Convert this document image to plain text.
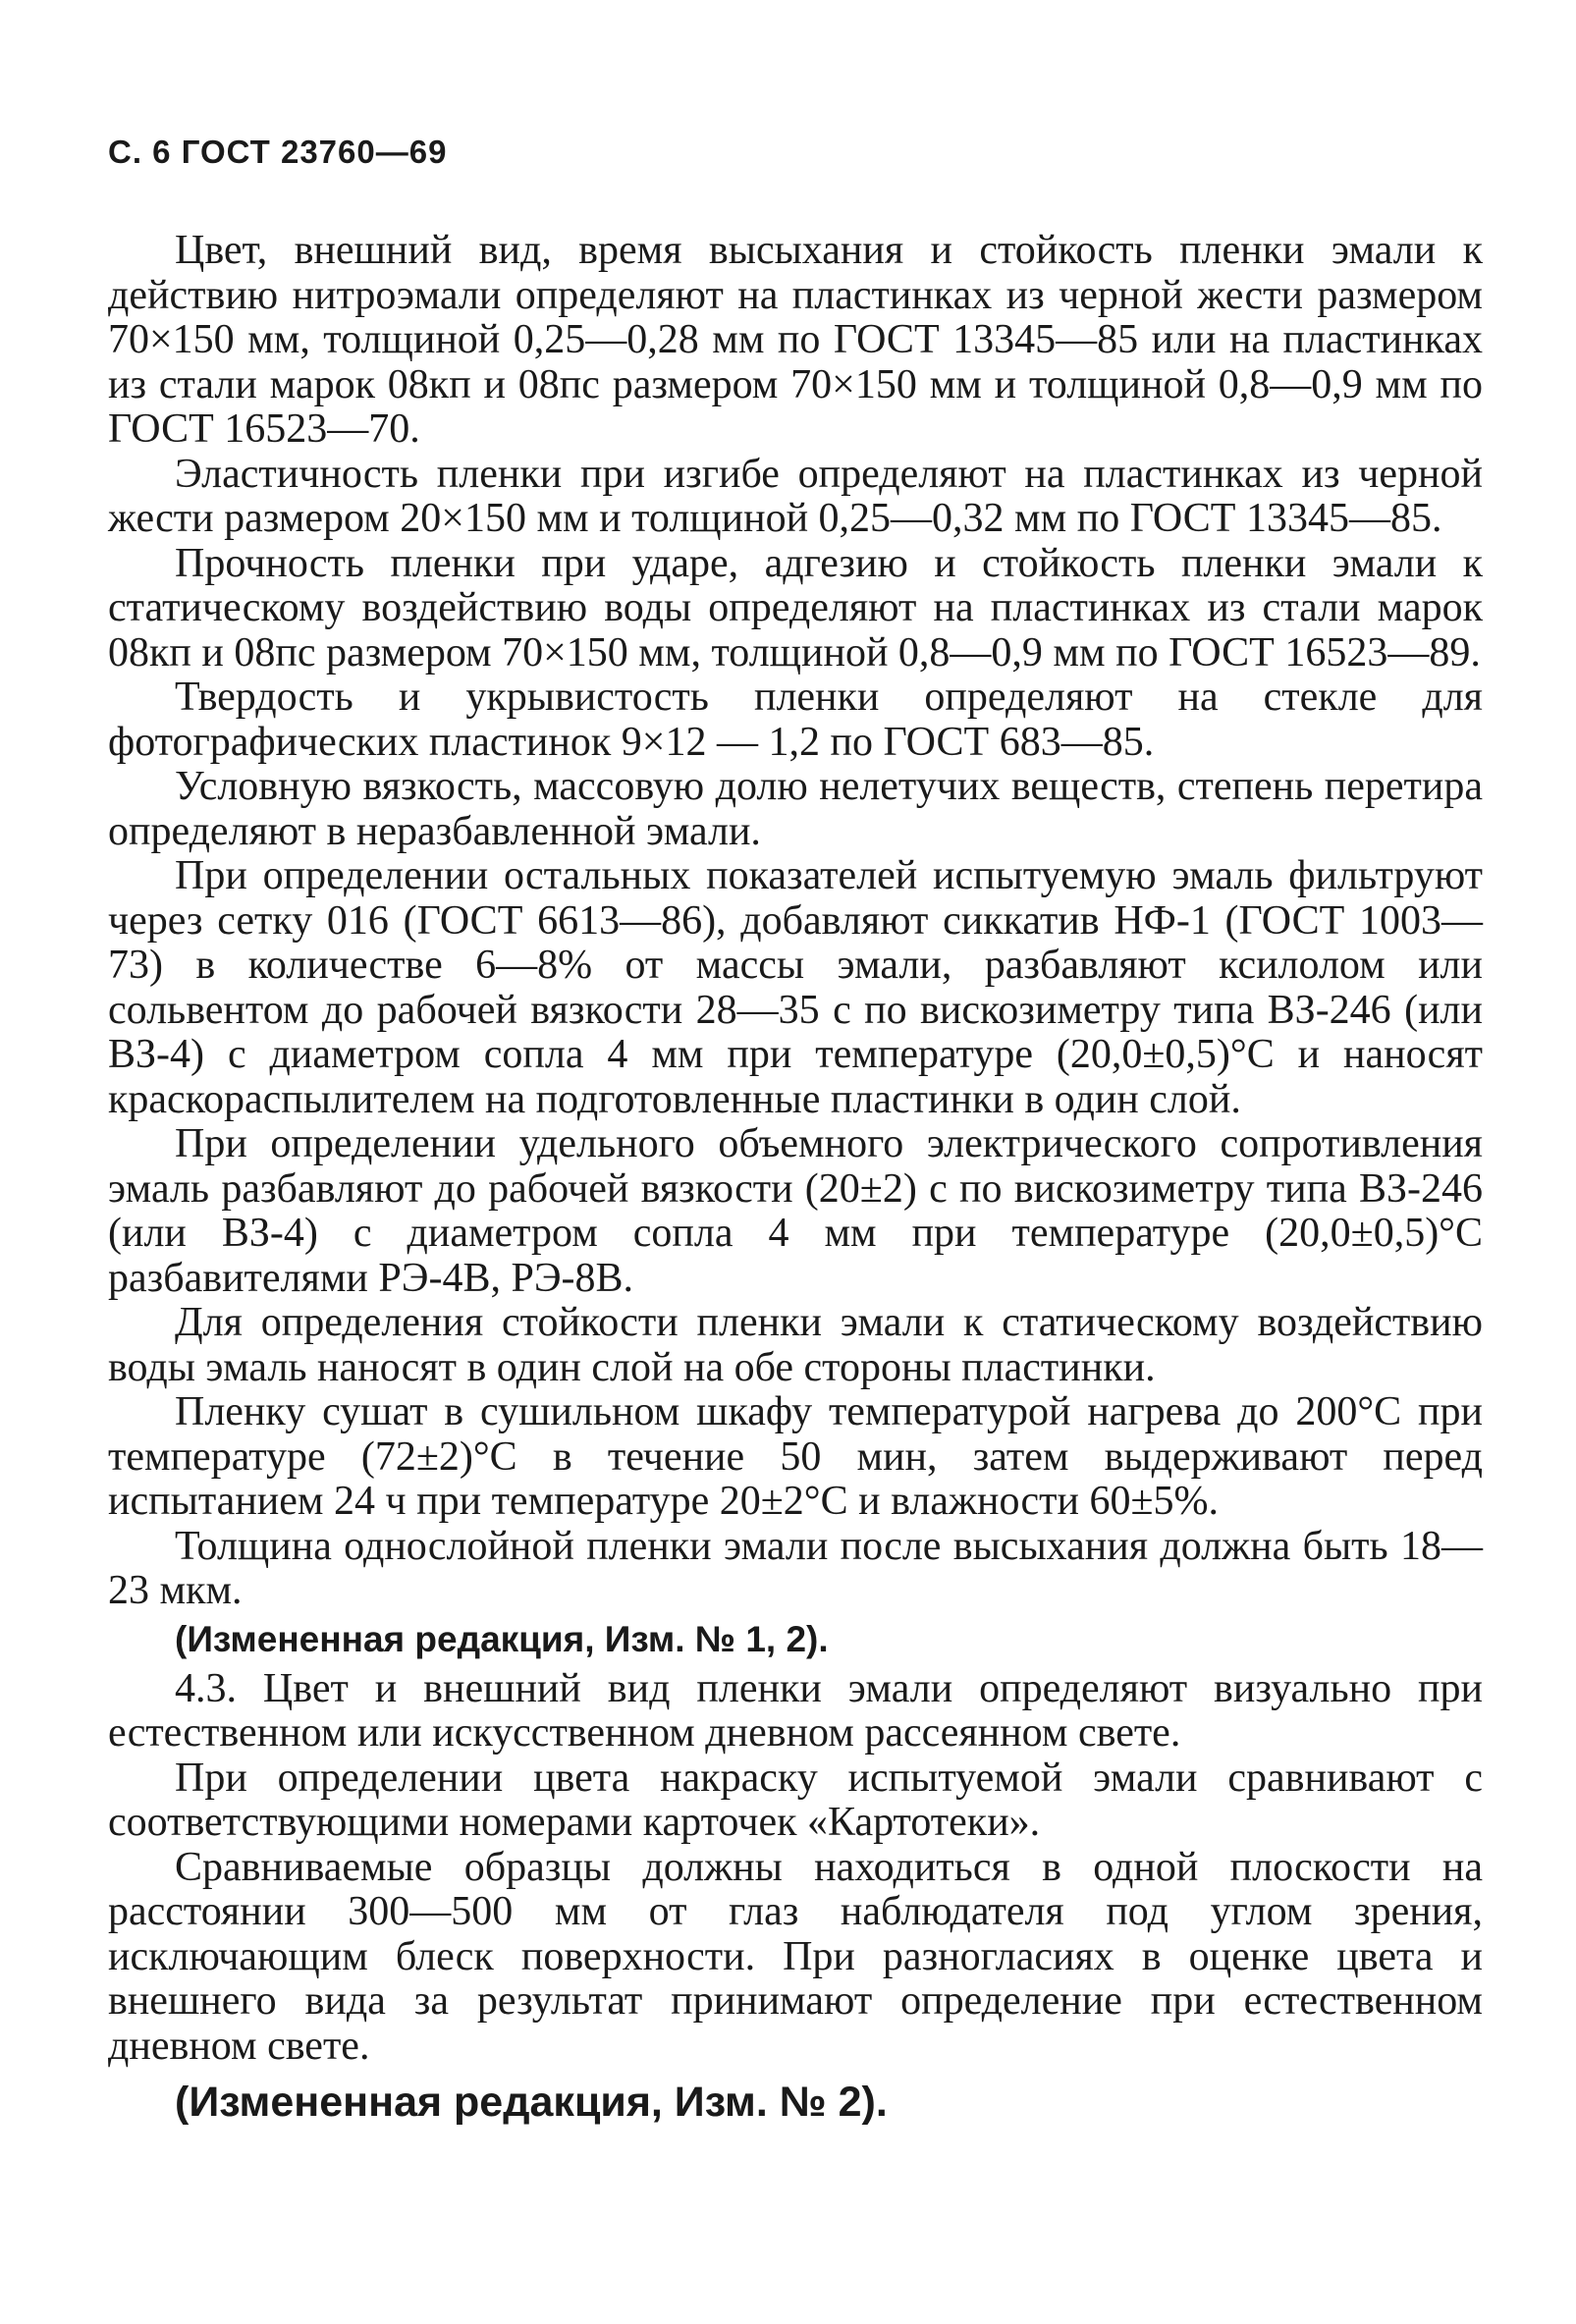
С. 6 ГОСТ 23760—69

Цвет, внешний вид, время высыхания и стойкость пленки эмали к действию нитроэмали определяют на пластинках из черной жести размером 70×150 мм, толщиной 0,25—0,28 мм по ГОСТ 13345—85 или на пластинках из стали марок 08кп и 08пс размером 70×150 мм и толщиной 0,8—0,9 мм по ГОСТ 16523—70.

Эластичность пленки при изгибе определяют на пластинках из черной жести размером 20×150 мм и толщиной 0,25—0,32 мм по ГОСТ 13345—85.

Прочность пленки при ударе, адгезию и стойкость пленки эмали к статическому воздействию воды определяют на пластинках из стали марок 08кп и 08пс размером 70×150 мм, толщиной 0,8—0,9 мм по ГОСТ 16523—89.

Твердость и укрывистость пленки определяют на стекле для фотографических пластинок 9×12 — 1,2 по ГОСТ 683—85.

Условную вязкость, массовую долю нелетучих веществ, степень перетира определяют в неразбавленной эмали.

При определении остальных показателей испытуемую эмаль фильтруют через сетку 016 (ГОСТ 6613—86), добавляют сиккатив НФ-1 (ГОСТ 1003—73) в количестве 6—8% от массы эмали, разбавляют ксилолом или сольвентом до рабочей вязкости 28—35 с по вискозиметру типа ВЗ-246 (или ВЗ-4) с диаметром сопла 4 мм при температуре (20,0±0,5)°С и наносят краскораспылителем на подготовленные пластинки в один слой.

При определении удельного объемного электрического сопротивления эмаль разбавляют до рабочей вязкости (20±2) с по вискозиметру типа ВЗ-246 (или ВЗ-4) с диаметром сопла 4 мм при температуре (20,0±0,5)°С разбавителями РЭ-4В, РЭ-8В.

Для определения стойкости пленки эмали к статическому воздействию воды эмаль наносят в один слой на обе стороны пластинки.

Пленку сушат в сушильном шкафу температурой нагрева до 200°С при температуре (72±2)°С в течение 50 мин, затем выдерживают перед испытанием 24 ч при температуре 20±2°С и влажности 60±5%.

Толщина однослойной пленки эмали после высыхания должна быть 18—23 мкм.

(Измененная редакция, Изм. № 1, 2).

4.3. Цвет и внешний вид пленки эмали определяют визуально при естественном или искусственном дневном рассеянном свете.

При определении цвета накраску испытуемой эмали сравнивают с соответствующими номерами карточек «Картотеки».

Сравниваемые образцы должны находиться в одной плоскости на расстоянии 300—500 мм от глаз наблюдателя под углом зрения, исключающим блеск поверхности. При разногласиях в оценке цвета и внешнего вида за результат принимают определение при естественном дневном свете.

(Измененная редакция, Изм. № 2).
